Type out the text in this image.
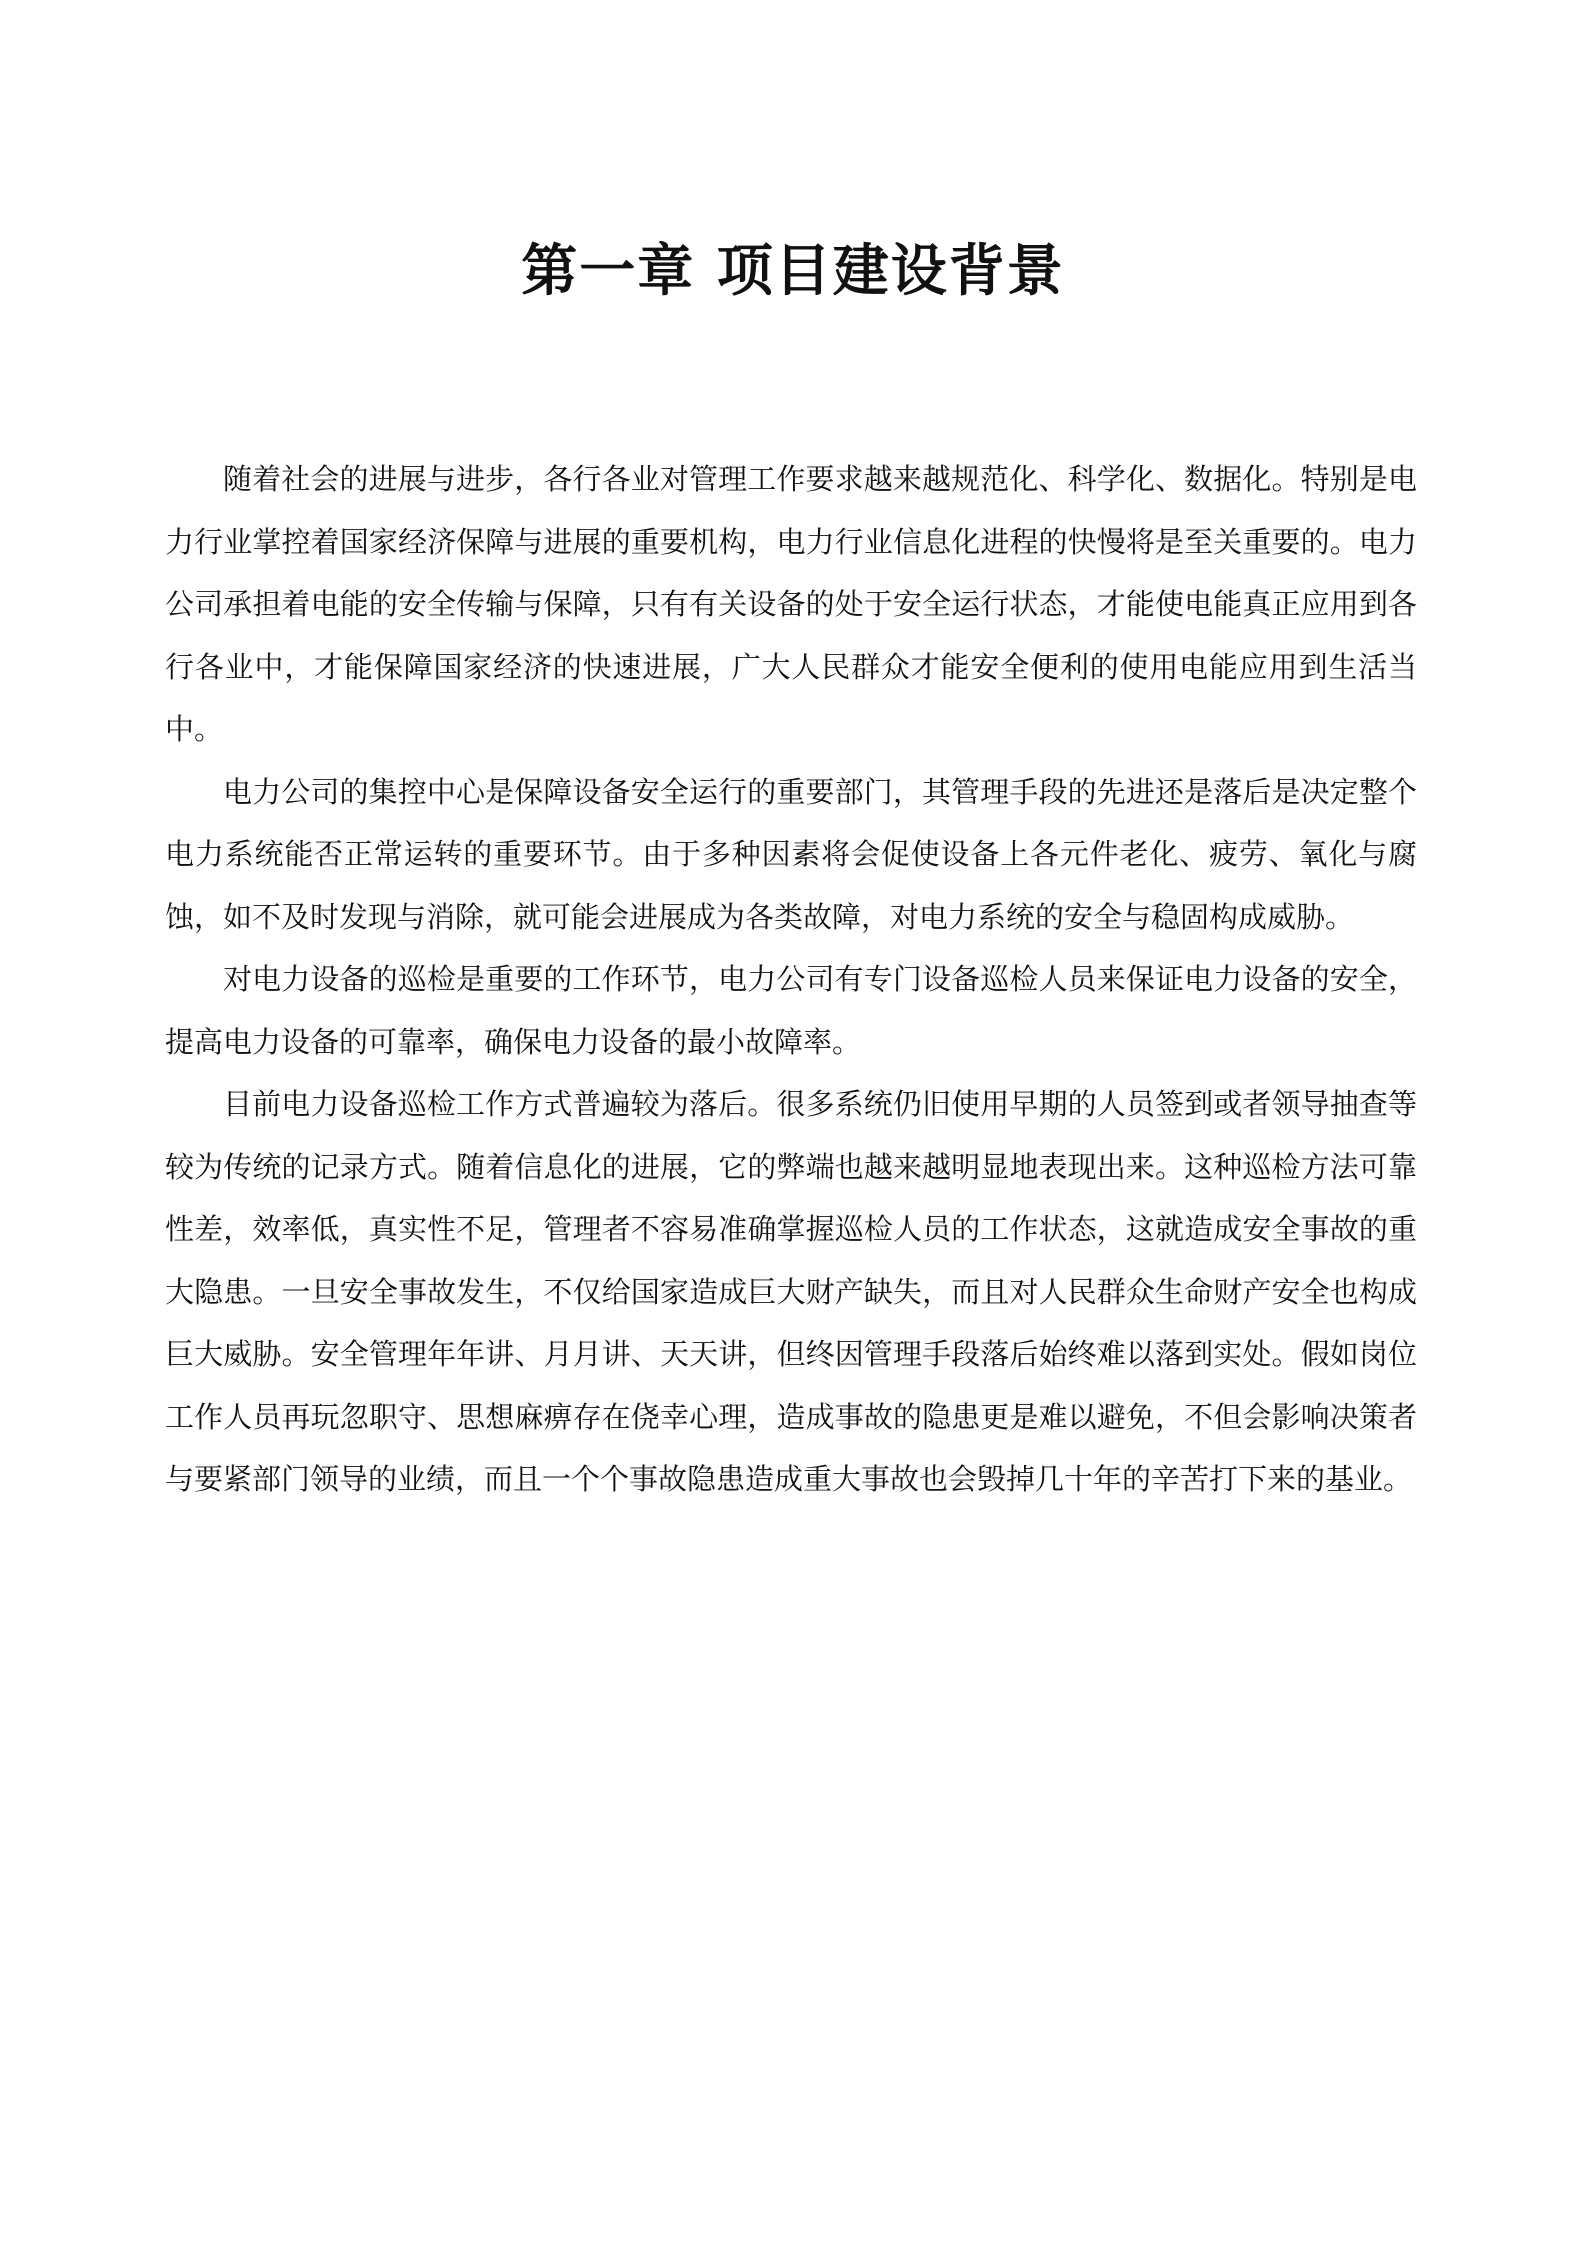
第一章 项目建设背景

随着社会的进展与进步，各行各业对管理工作要求越来越规范化、科学化、数据化。特别是电力行业掌控着国家经济保障与进展的重要机构，电力行业信息化进程的快慢将是至关重要的。电力公司承担着电能的安全传输与保障，只有有关设备的处于安全运行状态，才能使电能真正应用到各行各业中，才能保障国家经济的快速进展，广大人民群众才能安全便利的使用电能应用到生活当中。

电力公司的集控中心是保障设备安全运行的重要部门，其管理手段的先进还是落后是决定整个电力系统能否正常运转的重要环节。由于多种因素将会促使设备上各元件老化、疲劳、氧化与腐蚀，如不及时发现与消除，就可能会进展成为各类故障，对电力系统的安全与稳固构成威胁。

对电力设备的巡检是重要的工作环节，电力公司有专门设备巡检人员来保证电力设备的安全，提高电力设备的可靠率，确保电力设备的最小故障率。

目前电力设备巡检工作方式普遍较为落后。很多系统仍旧使用早期的人员签到或者领导抽查等较为传统的记录方式。随着信息化的进展，它的弊端也越来越明显地表现出来。这种巡检方法可靠性差，效率低，真实性不足，管理者不容易准确掌握巡检人员的工作状态，这就造成安全事故的重大隐患。一旦安全事故发生，不仅给国家造成巨大财产缺失，而且对人民群众生命财产安全也构成巨大威胁。安全管理年年讲、月月讲、天天讲，但终因管理手段落后始终难以落到实处。假如岗位工作人员再玩忽职守、思想麻痹存在侥幸心理，造成事故的隐患更是难以避免，不但会影响决策者与要紧部门领导的业绩，而且一个个事故隐患造成重大事故也会毁掉几十年的辛苦打下来的基业。
